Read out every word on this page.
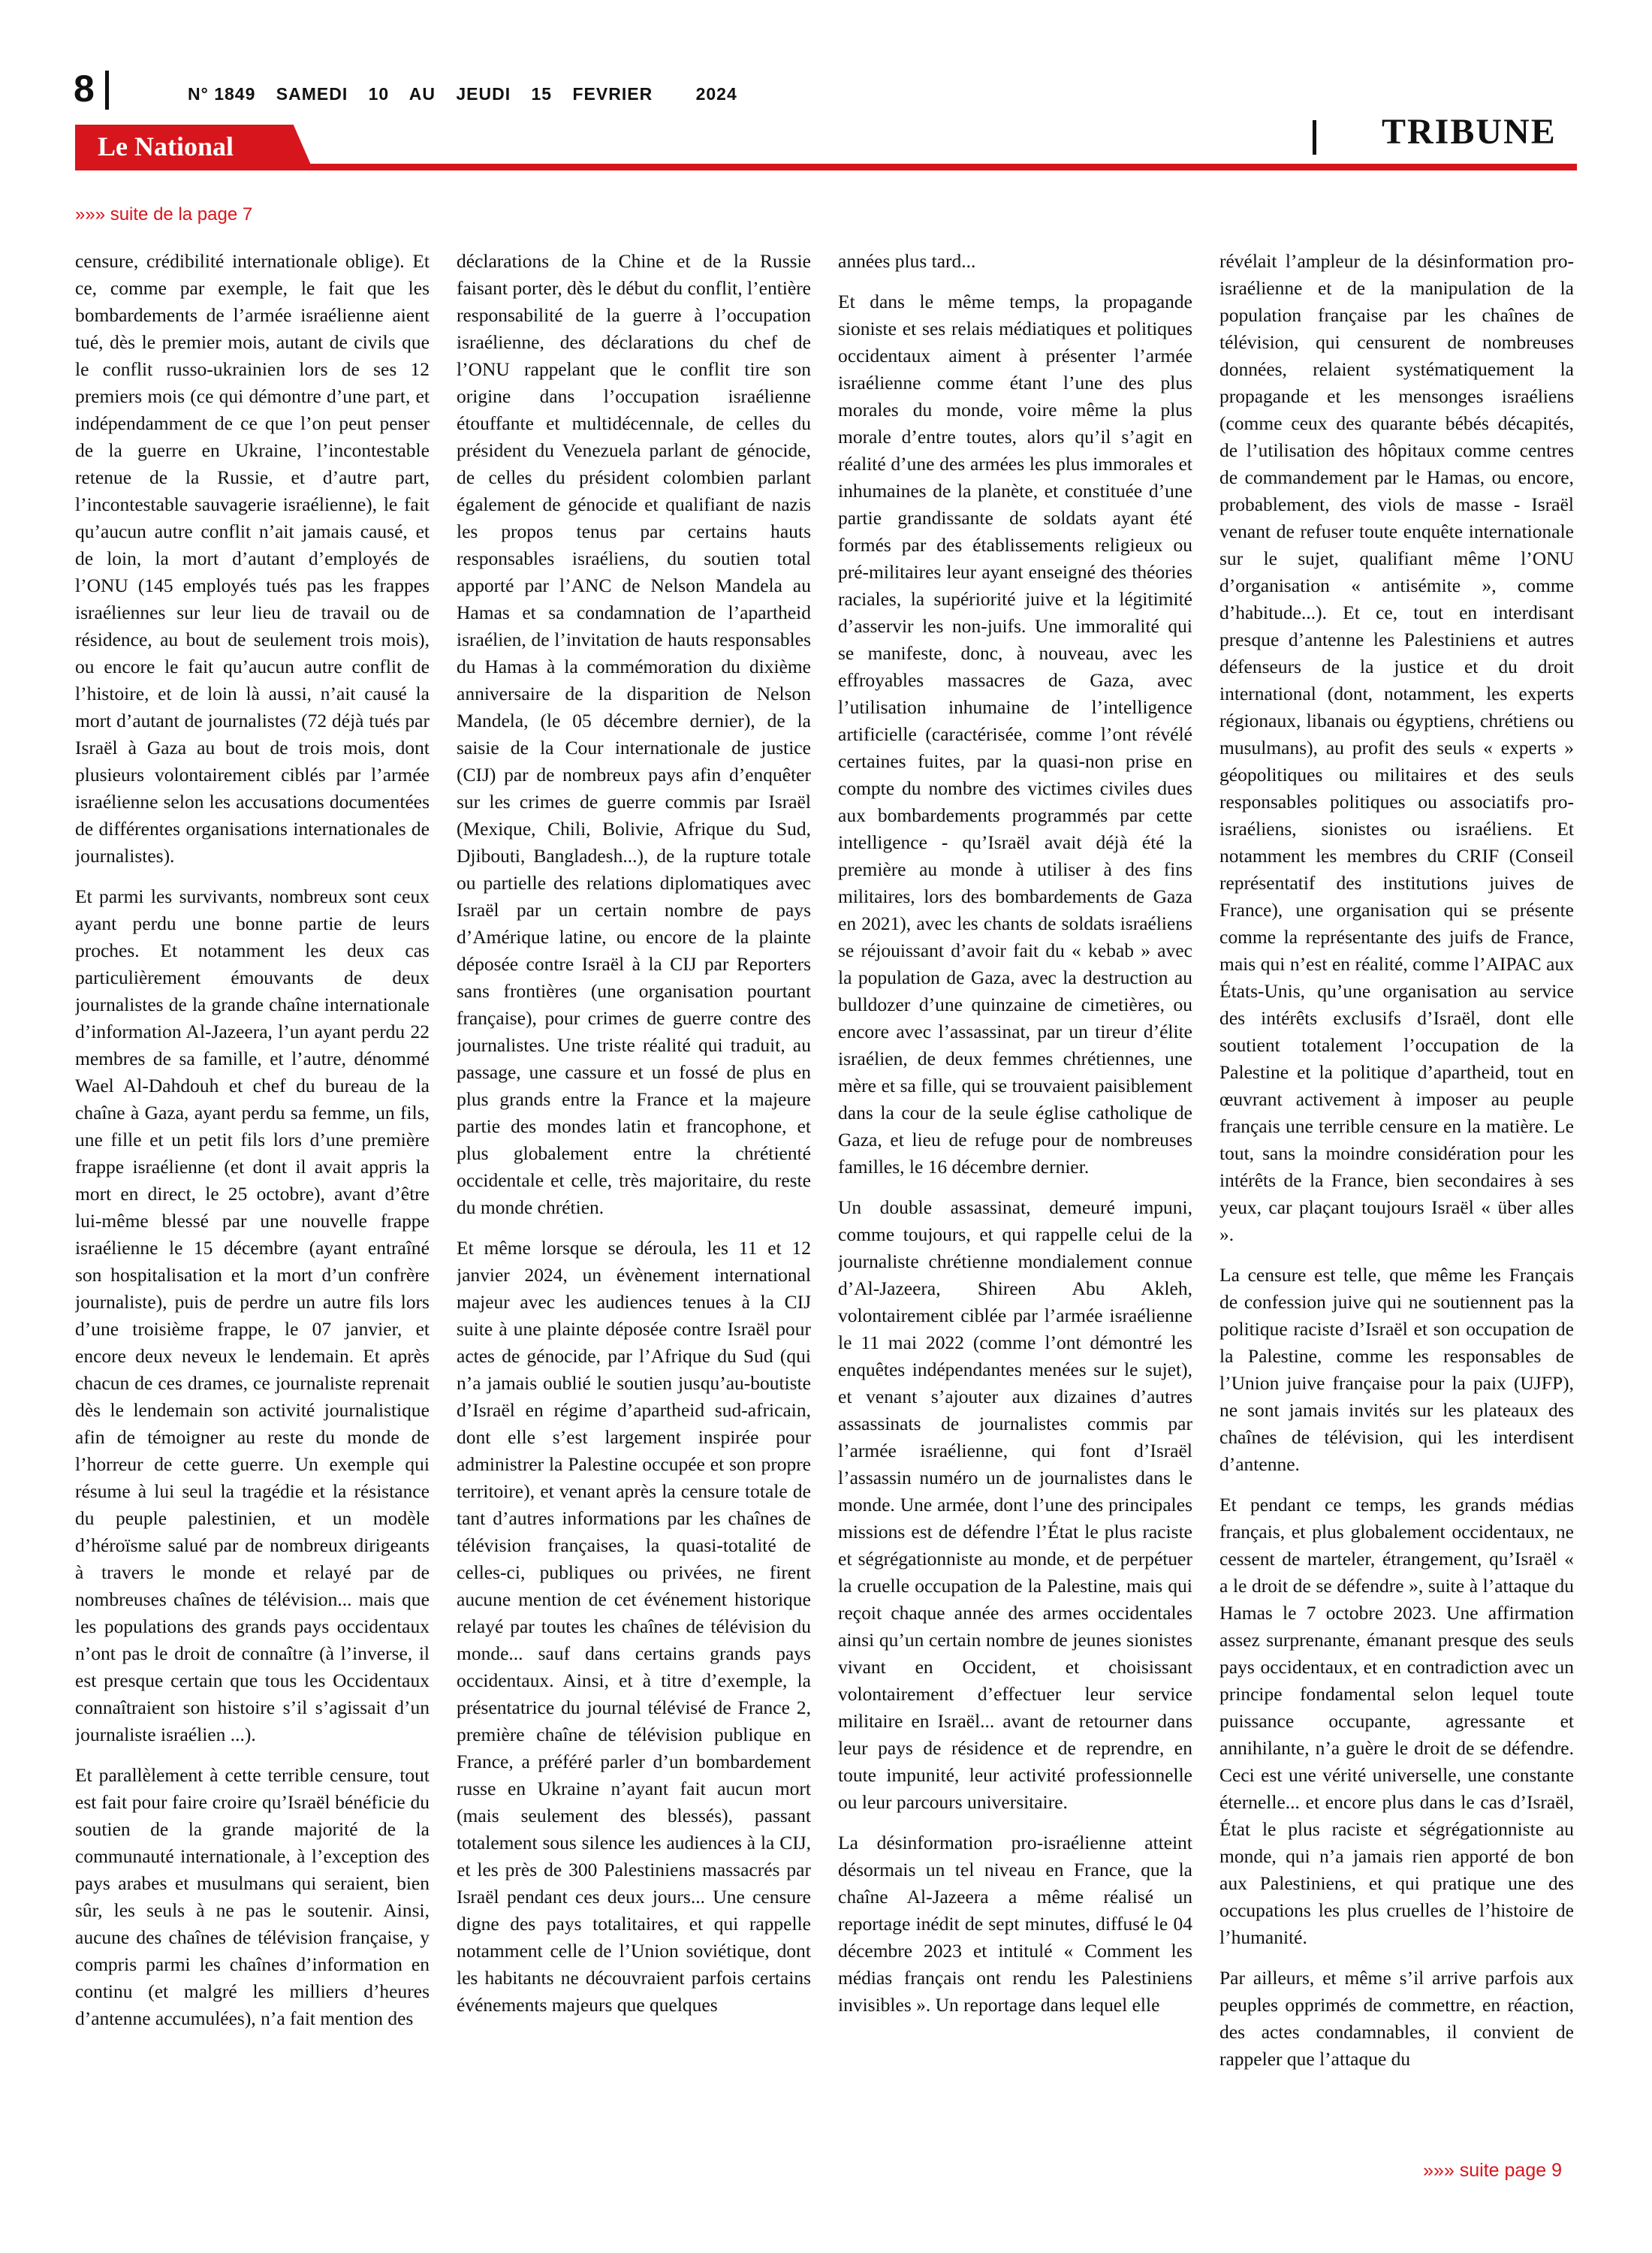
8	N° 1849 SAMEDI 10 AU JEUDI 15 FEVRIER 2024
Le National	TRIBUNE
»»» suite de la page 7

censure, crédibilité internationale oblige). Et ce, comme par exemple, le fait que les bombardements de l’armée israélienne aient tué, dès le premier mois, autant de civils que le conflit russo-ukrainien lors de ses 12 premiers mois (ce qui démontre d’une part, et indépendamment de ce que l’on peut penser de la guerre en Ukraine, l’incontestable retenue de la Russie, et d’autre part, l’incontestable sauvagerie israélienne), le fait qu’aucun autre conflit n’ait jamais causé, et de loin, la mort d’autant d’employés de l’ONU (145 employés tués pas les frappes israéliennes sur leur lieu de travail ou de résidence, au bout de seulement trois mois), ou encore le fait qu’aucun autre conflit de l’histoire, et de loin là aussi, n’ait causé la mort d’autant de journalistes (72 déjà tués par Israël à Gaza au bout de trois mois, dont plusieurs volontairement ciblés par l’armée israélienne selon les accusations documentées de différentes organisations internationales de journalistes).

Et parmi les survivants, nombreux sont ceux ayant perdu une bonne partie de leurs proches. Et notamment les deux cas particulièrement émouvants de deux journalistes de la grande chaîne internationale d’information Al-Jazeera, l’un ayant perdu 22 membres de sa famille, et l’autre, dénommé Wael Al-Dahdouh et chef du bureau de la chaîne à Gaza, ayant perdu sa femme, un fils, une fille et un petit fils lors d’une première frappe israélienne (et dont il avait appris la mort en direct, le 25 octobre), avant d’être lui-même blessé par une nouvelle frappe israélienne le 15 décembre (ayant entraîné son hospitalisation et la mort d’un confrère journaliste), puis de perdre un autre fils lors d’une troisième frappe, le 07 janvier, et encore deux neveux le lendemain. Et après chacun de ces drames, ce journaliste reprenait dès le lendemain son activité journalistique afin de témoigner au reste du monde de l’horreur de cette guerre. Un exemple qui résume à lui seul la tragédie et la résistance du peuple palestinien, et un modèle d’héroïsme salué par de nombreux dirigeants à travers le monde et relayé par de nombreuses chaînes de télévision... mais que les populations des grands pays occidentaux n’ont pas le droit de connaître (à l’inverse, il est presque certain que tous les Occidentaux connaîtraient son histoire s’il s’agissait d’un journaliste israélien ...).

Et parallèlement à cette terrible censure, tout est fait pour faire croire qu’Israël bénéficie du soutien de la grande majorité de la communauté internationale, à l’exception des pays arabes et musulmans qui seraient, bien sûr, les seuls à ne pas le soutenir. Ainsi, aucune des chaînes de télévision française, y compris parmi les chaînes d’information en continu (et malgré les milliers d’heures d’antenne accumulées), n’a fait mention des

déclarations de la Chine et de la Russie faisant porter, dès le début du conflit, l’entière responsabilité de la guerre à l’occupation israélienne, des déclarations du chef de l’ONU rappelant que le conflit tire son origine dans l’occupation israélienne étouffante et multidécennale, de celles du président du Venezuela parlant de génocide, de celles du président colombien parlant également de génocide et qualifiant de nazis les propos tenus par certains hauts responsables israéliens, du soutien total apporté par l’ANC de Nelson Mandela au Hamas et sa condamnation de l’apartheid israélien, de l’invitation de hauts responsables du Hamas à la commémoration du dixième anniversaire de la disparition de Nelson Mandela, (le 05 décembre dernier), de la saisie de la Cour internationale de justice (CIJ) par de nombreux pays afin d’enquêter sur les crimes de guerre commis par Israël (Mexique, Chili, Bolivie, Afrique du Sud, Djibouti, Bangladesh...), de la rupture totale ou partielle des relations diplomatiques avec Israël par un certain nombre de pays d’Amérique latine, ou encore de la plainte déposée contre Israël à la CIJ par Reporters sans frontières (une organisation pourtant française), pour crimes de guerre contre des journalistes. Une triste réalité qui traduit, au passage, une cassure et un fossé de plus en plus grands entre la France et la majeure partie des mondes latin et francophone, et plus globalement entre la chrétienté occidentale et celle, très majoritaire, du reste du monde chrétien.

Et même lorsque se déroula, les 11 et 12 janvier 2024, un évènement international majeur avec les audiences tenues à la CIJ suite à une plainte déposée contre Israël pour actes de génocide, par l’Afrique du Sud (qui n’a jamais oublié le soutien jusqu’au-boutiste d’Israël en régime d’apartheid sud-africain, dont elle s’est largement inspirée pour administrer la Palestine occupée et son propre territoire), et venant après la censure totale de tant d’autres informations par les chaînes de télévision françaises, la quasi-totalité de celles-ci, publiques ou privées, ne firent aucune mention de cet événement historique relayé par toutes les chaînes de télévision du monde... sauf dans certains grands pays occidentaux. Ainsi, et à titre d’exemple, la présentatrice du journal télévisé de France 2, première chaîne de télévision publique en France, a préféré parler d’un bombardement russe en Ukraine n’ayant fait aucun mort (mais seulement des blessés), passant totalement sous silence les audiences à la CIJ, et les près de 300 Palestiniens massacrés par Israël pendant ces deux jours... Une censure digne des pays totalitaires, et qui rappelle notamment celle de l’Union soviétique, dont les habitants ne découvraient parfois certains événements majeurs que quelques

années plus tard...

Et dans le même temps, la propagande sioniste et ses relais médiatiques et politiques occidentaux aiment à présenter l’armée israélienne comme étant l’une des plus morales du monde, voire même la plus morale d’entre toutes, alors qu’il s’agit en réalité d’une des armées les plus immorales et inhumaines de la planète, et constituée d’une partie grandissante de soldats ayant été formés par des établissements religieux ou pré-militaires leur ayant enseigné des théories raciales, la supériorité juive et la légitimité d’asservir les non-juifs. Une immoralité qui se manifeste, donc, à nouveau, avec les effroyables massacres de Gaza, avec l’utilisation inhumaine de l’intelligence artificielle (caractérisée, comme l’ont révélé certaines fuites, par la quasi-non prise en compte du nombre des victimes civiles dues aux bombardements programmés par cette intelligence - qu’Israël avait déjà été la première au monde à utiliser à des fins militaires, lors des bombardements de Gaza en 2021), avec les chants de soldats israéliens se réjouissant d’avoir fait du « kebab » avec la population de Gaza, avec la destruction au bulldozer d’une quinzaine de cimetières, ou encore avec l’assassinat, par un tireur d’élite israélien, de deux femmes chrétiennes, une mère et sa fille, qui se trouvaient paisiblement dans la cour de la seule église catholique de Gaza, et lieu de refuge pour de nombreuses familles, le 16 décembre dernier.

Un double assassinat, demeuré impuni, comme toujours, et qui rappelle celui de la journaliste chrétienne mondialement connue d’Al-Jazeera, Shireen Abu Akleh, volontairement ciblée par l’armée israélienne le 11 mai 2022 (comme l’ont démontré les enquêtes indépendantes menées sur le sujet), et venant s’ajouter aux dizaines d’autres assassinats de journalistes commis par l’armée israélienne, qui font d’Israël l’assassin numéro un de journalistes dans le monde. Une armée, dont l’une des principales missions est de défendre l’État le plus raciste et ségrégationniste au monde, et de perpétuer la cruelle occupation de la Palestine, mais qui reçoit chaque année des armes occidentales ainsi qu’un certain nombre de jeunes sionistes vivant en Occident, et choisissant volontairement d’effectuer leur service militaire en Israël... avant de retourner dans leur pays de résidence et de reprendre, en toute impunité, leur activité professionnelle ou leur parcours universitaire.

La désinformation pro-israélienne atteint désormais un tel niveau en France, que la chaîne Al-Jazeera a même réalisé un reportage inédit de sept minutes, diffusé le 04 décembre 2023 et intitulé « Comment les médias français ont rendu les Palestiniens invisibles ». Un reportage dans lequel elle

révélait l’ampleur de la désinformation pro-israélienne et de la manipulation de la population française par les chaînes de télévision, qui censurent de nombreuses données, relaient systématiquement la propagande et les mensonges israéliens (comme ceux des quarante bébés décapités, de l’utilisation des hôpitaux comme centres de commandement par le Hamas, ou encore, probablement, des viols de masse - Israël venant de refuser toute enquête internationale sur le sujet, qualifiant même l’ONU d’organisation « antisémite », comme d’habitude...). Et ce, tout en interdisant presque d’antenne les Palestiniens et autres défenseurs de la justice et du droit international (dont, notamment, les experts régionaux, libanais ou égyptiens, chrétiens ou musulmans), au profit des seuls « experts » géopolitiques ou militaires et des seuls responsables politiques ou associatifs pro-israéliens, sionistes ou israéliens. Et notamment les membres du CRIF (Conseil représentatif des institutions juives de France), une organisation qui se présente comme la représentante des juifs de France, mais qui n’est en réalité, comme l’AIPAC aux États-Unis, qu’une organisation au service des intérêts exclusifs d’Israël, dont elle soutient totalement l’occupation de la Palestine et la politique d’apartheid, tout en œuvrant activement à imposer au peuple français une terrible censure en la matière. Le tout, sans la moindre considération pour les intérêts de la France, bien secondaires à ses yeux, car plaçant toujours Israël « über alles ».

La censure est telle, que même les Français de confession juive qui ne soutiennent pas la politique raciste d’Israël et son occupation de la Palestine, comme les responsables de l’Union juive française pour la paix (UJFP), ne sont jamais invités sur les plateaux des chaînes de télévision, qui les interdisent d’antenne.

Et pendant ce temps, les grands médias français, et plus globalement occidentaux, ne cessent de marteler, étrangement, qu’Israël « a le droit de se défendre », suite à l’attaque du Hamas le 7 octobre 2023. Une affirmation assez surprenante, émanant presque des seuls pays occidentaux, et en contradiction avec un principe fondamental selon lequel toute puissance occupante, agressante et annihilante, n’a guère le droit de se défendre. Ceci est une vérité universelle, une constante éternelle... et encore plus dans le cas d’Israël, État le plus raciste et ségrégationniste au monde, qui n’a jamais rien apporté de bon aux Palestiniens, et qui pratique une des occupations les plus cruelles de l’histoire de l’humanité.

Par ailleurs, et même s’il arrive parfois aux peuples opprimés de commettre, en réaction, des actes condamnables, il convient de rappeler que l’attaque du

»»» suite page 9
